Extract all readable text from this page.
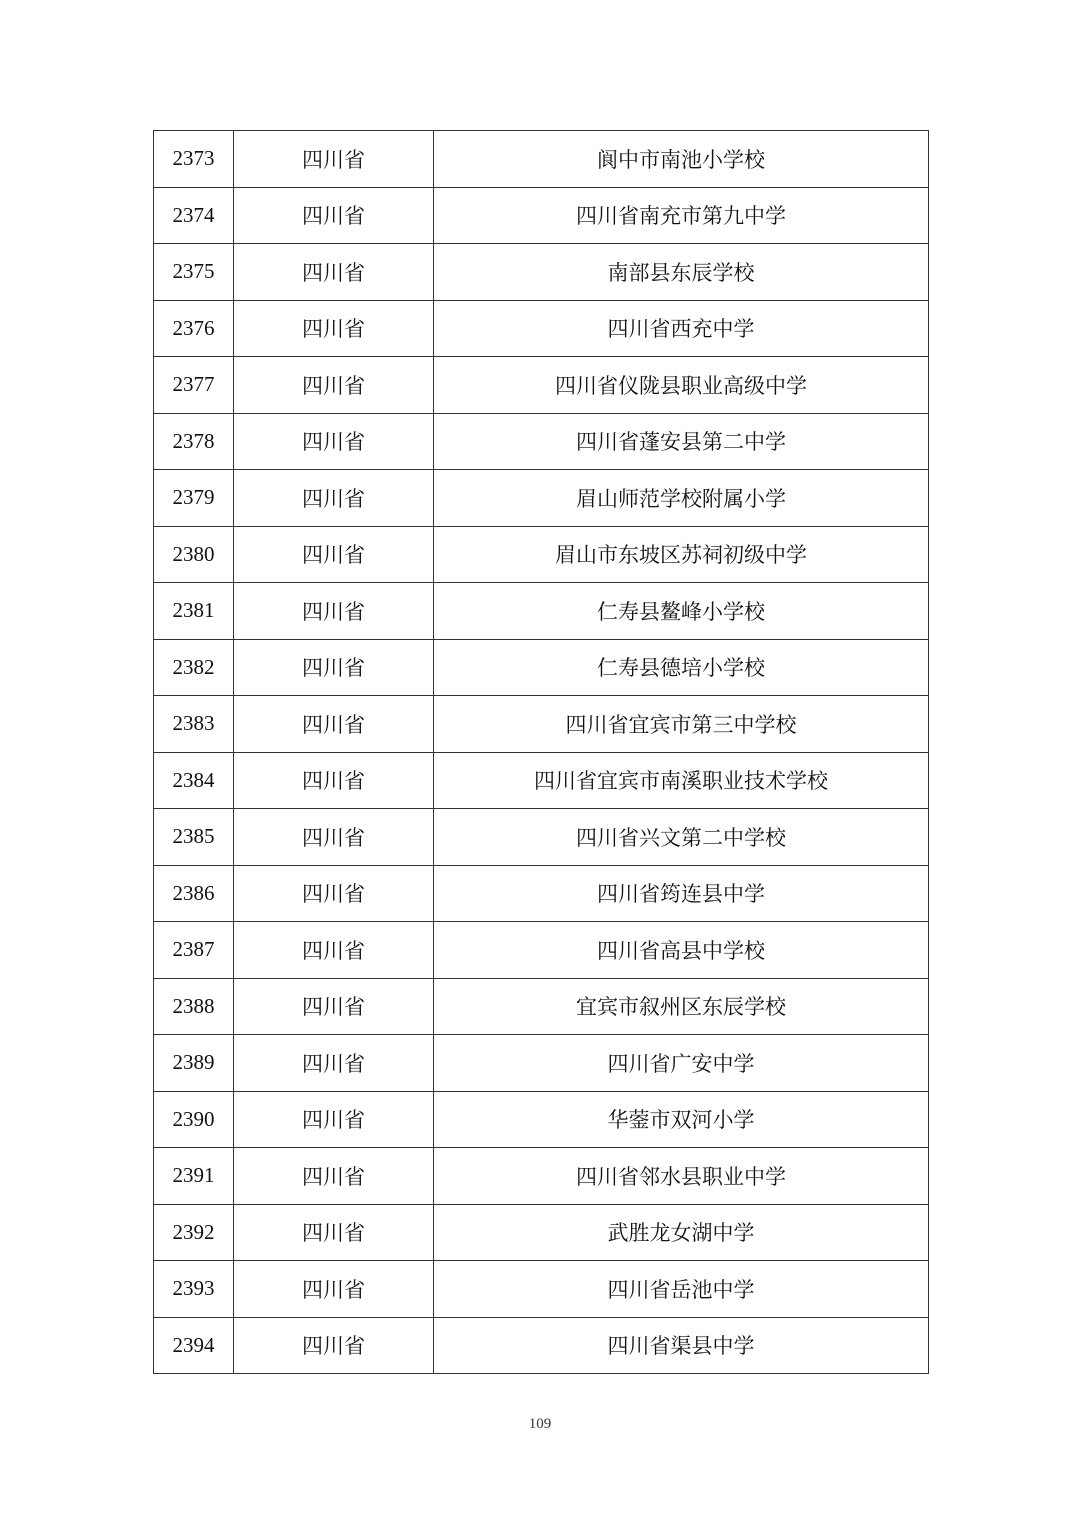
2373	四川省	阆中市南池小学校
2374	四川省	四川省南充市第九中学
2375	四川省	南部县东辰学校
2376	四川省	四川省西充中学
2377	四川省	四川省仪陇县职业高级中学
2378	四川省	四川省蓬安县第二中学
2379	四川省	眉山师范学校附属小学
2380	四川省	眉山市东坡区苏祠初级中学
2381	四川省	仁寿县鳌峰小学校
2382	四川省	仁寿县德培小学校
2383	四川省	四川省宜宾市第三中学校
2384	四川省	四川省宜宾市南溪职业技术学校
2385	四川省	四川省兴文第二中学校
2386	四川省	四川省筠连县中学
2387	四川省	四川省高县中学校
2388	四川省	宜宾市叙州区东辰学校
2389	四川省	四川省广安中学
2390	四川省	华蓥市双河小学
2391	四川省	四川省邻水县职业中学
2392	四川省	武胜龙女湖中学
2393	四川省	四川省岳池中学
2394	四川省	四川省渠县中学
109
